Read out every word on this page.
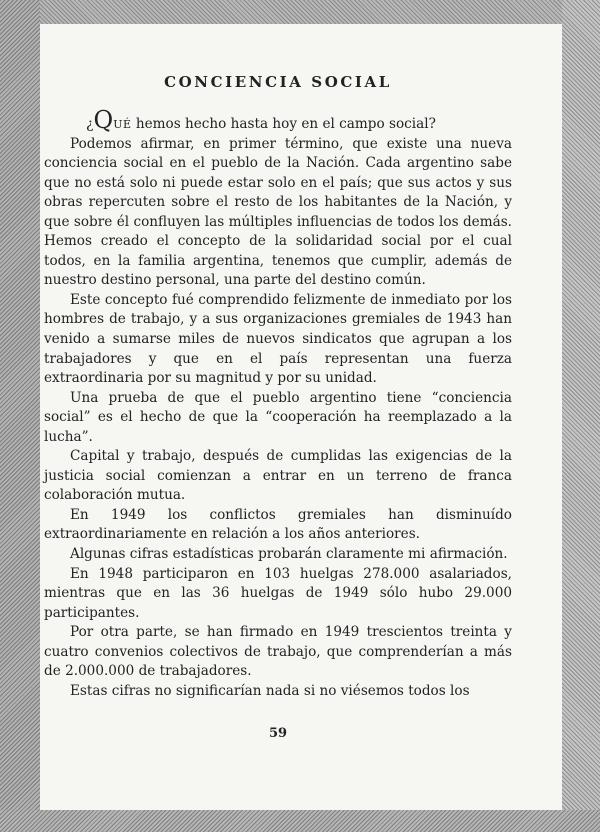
CONCIENCIA SOCIAL

¿QUÉ hemos hecho hasta hoy en el campo social?

Podemos afirmar, en primer término, que existe una nueva conciencia social en el pueblo de la Nación. Cada argentino sabe que no está solo ni puede estar solo en el país; que sus actos y sus obras repercuten sobre el resto de los habitantes de la Nación, y que sobre él confluyen las múltiples influencias de todos los demás. Hemos creado el concepto de la solidaridad social por el cual todos, en la familia argentina, tenemos que cumplir, además de nuestro destino personal, una parte del destino común.

Este concepto fué comprendido felizmente de inmediato por los hombres de trabajo, y a sus organizaciones gremiales de 1943 han venido a sumarse miles de nuevos sindicatos que agrupan a los trabajadores y que en el país representan una fuerza extraordinaria por su magnitud y por su unidad.

Una prueba de que el pueblo argentino tiene “conciencia social” es el hecho de que la “cooperación ha reemplazado a la lucha”.

Capital y trabajo, después de cumplidas las exigencias de la justicia social comienzan a entrar en un terreno de franca colaboración mutua.

En 1949 los conflictos gremiales han disminuído extraordinariamente en relación a los años anteriores.

Algunas cifras estadísticas probarán claramente mi afirmación.

En 1948 participaron en 103 huelgas 278.000 asalariados, mientras que en las 36 huelgas de 1949 sólo hubo 29.000 participantes.

Por otra parte, se han firmado en 1949 trescientos treinta y cuatro convenios colectivos de trabajo, que comprenderían a más de 2.000.000 de trabajadores.

Estas cifras no significarían nada si no viésemos todos los

59
